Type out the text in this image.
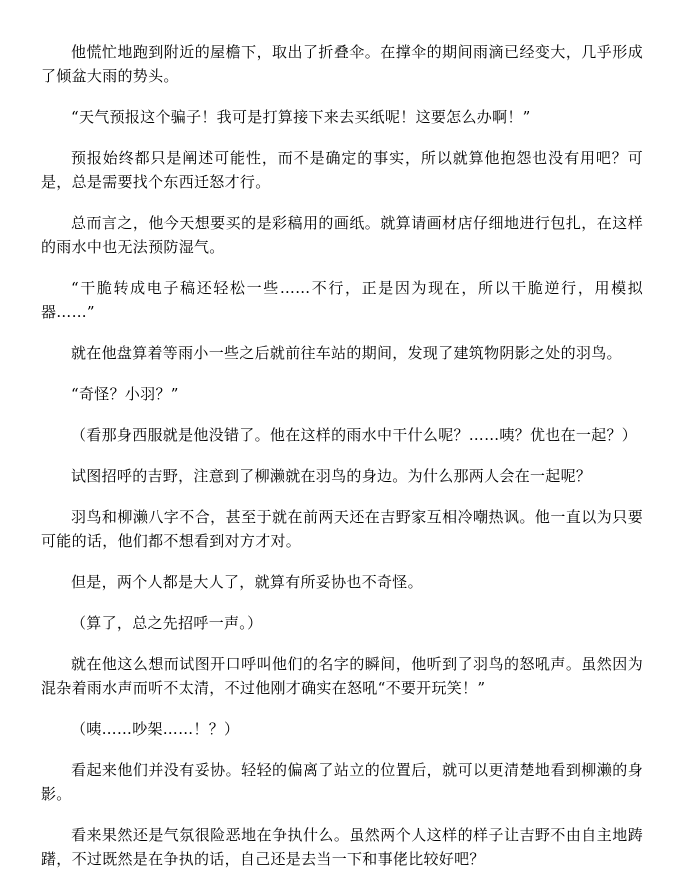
他慌忙地跑到附近的屋檐下，取出了折叠伞。在撑伞的期间雨滴已经变大，几乎形成了倾盆大雨的势头。

“天气预报这个骗子！我可是打算接下来去买纸呢！这要怎么办啊！”

预报始终都只是阐述可能性，而不是确定的事实，所以就算他抱怨也没有用吧？可是，总是需要找个东西迁怒才行。

总而言之，他今天想要买的是彩稿用的画纸。就算请画材店仔细地进行包扎，在这样的雨水中也无法预防湿气。

“干脆转成电子稿还轻松一些……不行，正是因为现在，所以干脆逆行，用模拟器……”

就在他盘算着等雨小一些之后就前往车站的期间，发现了建筑物阴影之处的羽鸟。

“奇怪？小羽？”

（看那身西服就是他没错了。他在这样的雨水中干什么呢？……咦？优也在一起？）

试图招呼的吉野，注意到了柳濑就在羽鸟的身边。为什么那两人会在一起呢？

羽鸟和柳濑八字不合，甚至于就在前两天还在吉野家互相冷嘲热讽。他一直以为只要可能的话，他们都不想看到对方才对。

但是，两个人都是大人了，就算有所妥协也不奇怪。

（算了，总之先招呼一声。）

就在他这么想而试图开口呼叫他们的名字的瞬间，他听到了羽鸟的怒吼声。虽然因为混杂着雨水声而听不太清，不过他刚才确实在怒吼“不要开玩笑！”

（咦……吵架……！？）

看起来他们并没有妥协。轻轻的偏离了站立的位置后，就可以更清楚地看到柳濑的身影。

看来果然还是气氛很险恶地在争执什么。虽然两个人这样的样子让吉野不由自主地踌躇，不过既然是在争执的话，自己还是去当一下和事佬比较好吧？
